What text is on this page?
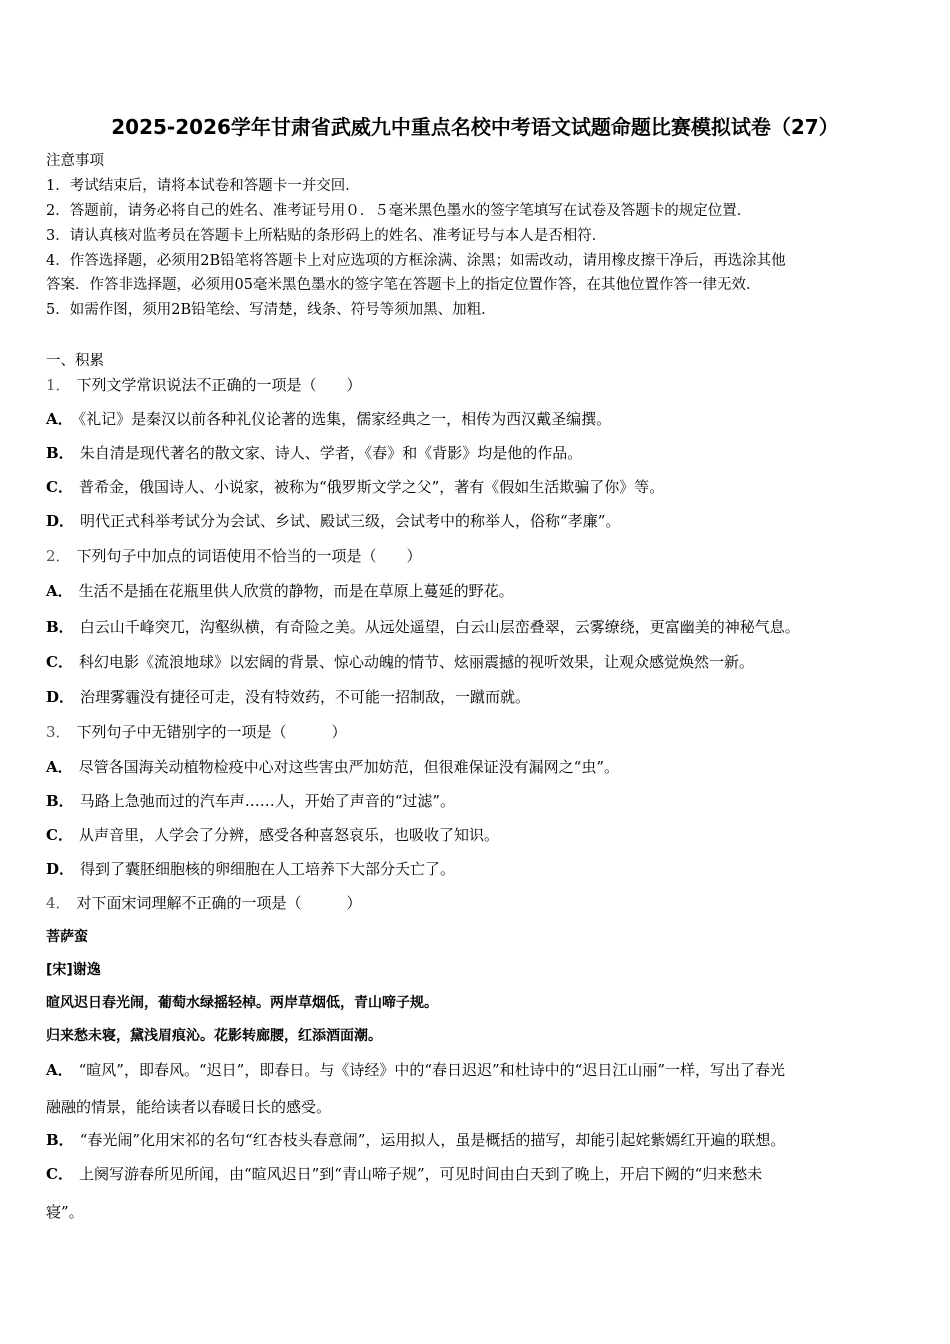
2025-2026学年甘肃省武威九中重点名校中考语文试题命题比赛模拟试卷（27）
注意事项
1．考试结束后，请将本试卷和答题卡一并交回．
2．答题前，请务必将自己的姓名、准考证号用０．５毫米黑色墨水的签字笔填写在试卷及答题卡的规定位置．
3．请认真核对监考员在答题卡上所粘贴的条形码上的姓名、准考证号与本人是否相符．
4．作答选择题，必须用2B铅笔将答题卡上对应选项的方框涂满、涂黑；如需改动，请用橡皮擦干净后，再选涂其他
答案．作答非选择题，必须用05毫米黑色墨水的签字笔在答题卡上的指定位置作答，在其他位置作答一律无效．
5．如需作图，须用2B铅笔绘、写清楚，线条、符号等须加黑、加粗．
一、积累
1． 下列文学常识说法不正确的一项是（　　）
A． 《礼记》是秦汉以前各种礼仪论著的选集，儒家经典之一，相传为西汉戴圣编撰。
B． 朱自清是现代著名的散文家、诗人、学者，《春》和《背影》均是他的作品。
C． 普希金，俄国诗人、小说家，被称为“俄罗斯文学之父”，著有《假如生活欺骗了你》等。
D． 明代正式科举考试分为会试、乡试、殿试三级，会试考中的称举人，俗称“孝廉”。
2． 下列句子中加点的词语使用不恰当的一项是（　　）
A． 生活不是插在花瓶里供人欣赏的静物，而是在草原上蔓延的野花。
B． 白云山千峰突兀，沟壑纵横，有奇险之美。从远处遥望，白云山层峦叠翠，云雾缭绕，更富幽美的神秘气息。
C． 科幻电影《流浪地球》以宏阔的背景、惊心动魄的情节、炫丽震撼的视听效果，让观众感觉焕然一新。
D． 治理雾霾没有捷径可走，没有特效药，不可能一招制敌，一蹴而就。
3． 下列句子中无错别字的一项是（　　　）
A． 尽管各国海关动植物检疫中心对这些害虫严加妨范，但很难保证没有漏网之“虫”。
B． 马路上急弛而过的汽车声……人，开始了声音的“过滤”。
C． 从声音里，人学会了分辨，感受各种喜怒哀乐，也吸收了知识。
D． 得到了囊胚细胞核的卵细胞在人工培养下大部分夭亡了。
4． 对下面宋词理解不正确的一项是（　　　）
菩萨蛮
[宋]谢逸
暄风迟日春光闹，葡萄水绿摇轻棹。两岸草烟低，青山啼子规。
归来愁未寝，黛浅眉痕沁。花影转廊腰，红添酒面潮。
A． “暄风”，即春风。“迟日”，即春日。与《诗经》中的“春日迟迟”和杜诗中的“迟日江山丽”一样，写出了春光
融融的情景，能给读者以春暖日长的感受。
B． “春光闹”化用宋祁的名句“红杏枝头春意闹”，运用拟人，虽是概括的描写，却能引起姹紫嫣红开遍的联想。
C． 上阕写游春所见所闻，由“暄风迟日”到“青山啼子规”，可见时间由白天到了晚上，开启下阙的“归来愁未
寝”。
